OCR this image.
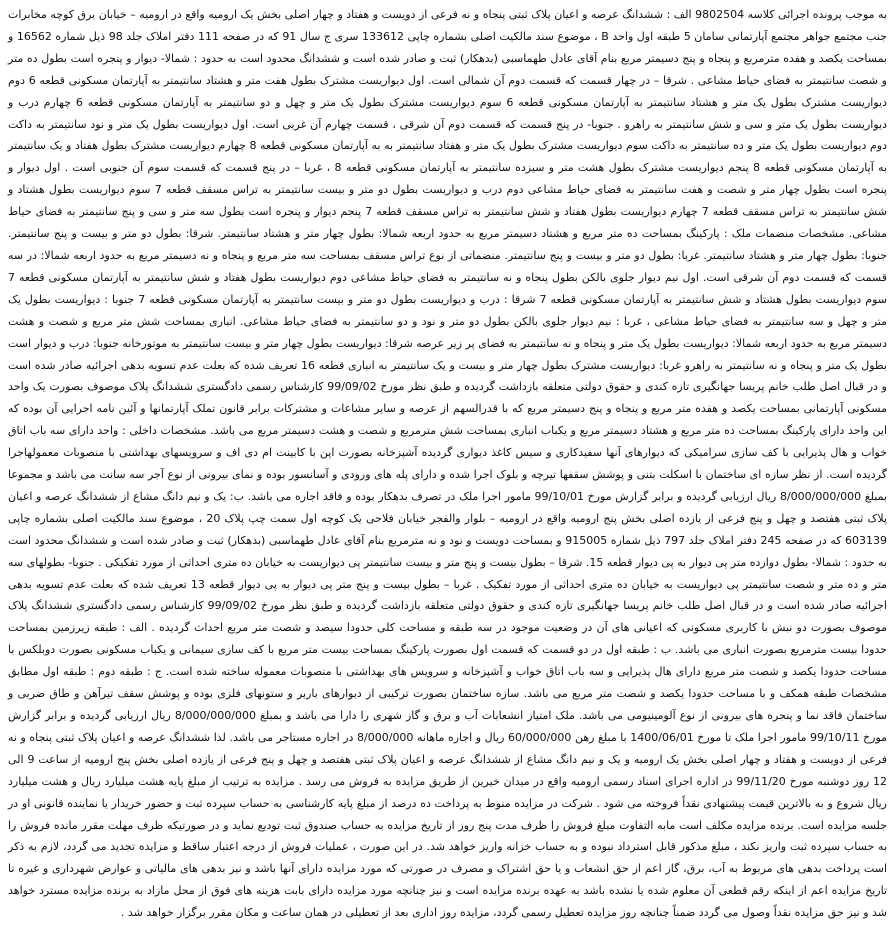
به موجب پرونده اجرائی کلاسه 9802504 الف : ششدانگ عرصه و اعیان پلاک ثبتی پنجاه و نه فرعی از دویست و هفتاد و چهار اصلی بخش یک ارومیه واقع در ارومیه – خیابان برق کوچه مخابرات جنب مجتمع جواهر مجتمع آپارتمانی سامان 5 طبقه اول واحد B ، موضوع سند مالکیت اصلی بشماره چاپی 133612 سری ج سال 91 که در صفحه 111 دفتر املاک جلد 98 ذیل شماره 16562 و بمساحت یکصد و هفده مترمربع و پنجاه و پنج دسیمتر مربع بنام آقای عادل طهماسبی (بدهکار) ثبت و صادر شده است و ششدانگ محدود است به حدود : شمالا- دیوار و پنجره است بطول ده متر و شصت سانتیمتر به فضای حیاط مشاعی . شرقا – در چهار قسمت که قسمت دوم آن شمالی است. اول دیواریست مشترک بطول هفت متر و هشتاد سانتیمتر به آپارتمان مسکونی قطعه 6 دوم دیواریست مشترک بطول یک متر و هشتاد سانتیمتر به آپارتمان مسکونی قطعه 6 سوم دیواریست مشترک بطول یک متر و چهل و دو سانتیمتر به آپارتمان مسکونی قطعه 6 چهارم درب و دیواریست بطول یک متر و سی و شش سانتیمتر به راهرو . جنوبا- در پنج قسمت که قسمت دوم آن شرقی ، قسمت چهارم آن غربی است. اول دیواریست بطول یک متر و نود سانتیمتر به داکت دوم دیواریست بطول یک متر و ده سانتیمتر به داکت سوم دیواریست مشترک بطول یک متر و هفتاد سانتیمتر به به آپارتمان مسکونی قطعه 8 چهارم دیواریست مشترک بطول هفتاد و یک سانتیمتر به آپارتمان مسکونی قطعه 8 پنجم دیواریست مشترک بطول هشت متر و سیزده سانتیمتر به آپارتمان مسکونی قطعه 8 ، غربا – در پنج قسمت که قسمت سوم آن جنوبی است . اول دیوار و پنجره است بطول چهار متر و شصت و هفت سانتیمتر به فضای حیاط مشاعی دوم درب و دیواریست بطول دو متر و بیست سانتیمتر به تراس مسقف قطعه 7 سوم دیواریست بطول هشتاد و شش سانتیمتر به تراس مسقف قطعه 7 چهارم دیواریست بطول هفتاد و شش سانتیمتر به تراس مسقف قطعه 7 پنجم دیوار و پنجره است بطول سه متر و سی و پنج سانتیمتر به فضای حیاط مشاعی. مشخصات منضمات ملک : پارکینگ بمساحت ده متر مربع و هشتاد دسیمتر مربع به حدود اربعه شمالا: بطول چهار متر و هشتاد سانتیمتر. شرقا: بطول دو متر و بیست و پنج سانتیمتر. جنوبا: بطول چهار متر و هشتاد سانتیمتر. غربا: بطول دو متر و بیست و پنج سانتیمتر. منضماتی از نوع تراس مسقف بمساحت سه متر مربع و پنجاه و نه دسیمتر مربع به حدود اربعه شمالا: در سه قسمت که قسمت دوم آن شرقی است. اول نیم دیوار جلوی بالکن بطول پنجاه و نه سانتیمتر به فضای حیاط مشاعی دوم دیواریست بطول هفتاد و شش سانتیمتر به آپارتمان مسکونی قطعه 7 سوم دیواریست بطول هشتاد و شش سانتیمتر به آپارتمان مسکونی قطعه 7 شرقا : درب و دیواریست بطول دو متر و بیست سانتیمتر به آپارتمان مسکونی قطعه 7 جنوبا : دیواریست بطول یک متر و چهل و سه سانتیمتر به فضای حیاط مشاعی ، غربا : نیم دیوار جلوی بالکن بطول دو متر و نود و دو سانتیمتر به فضای حیاط مشاعی. انباری بمساحت شش متر مربع و شصت و هشت دسیمتر مربع به حدود اربعه شمالا: دیواریست بطول یک متر و پنجاه و نه سانتیمتر به فضای پر زیر عرصه شرقا: دیواریست بطول چهار متر و بیست سانتیمتر به موتورخانه جنوبا: درب و دیوار است بطول یک متر و پنجاه و نه سانتیمتر به راهرو غربا: دیواریست مشترک بطول چهار متر و بیست و یک سانتیمتر به انباری قطعه 16 تعریف شده که بعلت عدم تسویه بدهی اجرائیه صادر شده است و در قبال اصل طلب خانم پریسا جهانگیری تازه کندی و حقوق دولتی متعلقه بازداشت گردیده و طبق نظر مورخ 99/09/02 کارشناس رسمی دادگستری ششدانگ پلاک موصوف بصورت یک واحد مسکونی آپارتمانی بمساحت یکصد و هفده متر مربع و پنجاه و پنج دسیمتر مربع که با قدرالسهم از عرصه و سایر مشاعات و مشترکات برابر قانون تملک آپارتمانها و آئین نامه اجرایی آن بوده که این واحد دارای پارکینگ بمساحت ده متر مربع و هشتاد دسیمتر مربع و یکباب انباری بمساحت شش مترمربع و شصت و هشت دسیمتر مربع می باشد. مشخصات داخلی : واحد دارای سه باب اتاق خواب و هال پذیرایی با کف سازی سرامیکی که دیوارهای آنها سفیدکاری و سیس کاغذ دیواری گردیده آشپزخانه بصورت اپن با کابینت ام دی اف و سرویسهای بهداشتی با منصوبات معمولهاجرا گردیده است. از نظر سازه ای ساختمان با اسکلت بتنی و پوشش سقفها تیرچه و بلوک اجرا شده و دارای پله های ورودی و آسانسور بوده و نمای بیرونی از نوع آجر سه سانت می باشد و مجموعا بمبلغ 8/000/000/000 ریال ارزیابی گردیده و برابر گزارش مورخ 99/10/01 مامور اجرا ملک در تصرف بدهکار بوده و فاقد اجاره می باشد. ب: یک و نیم دانگ مشاع از ششدانگ عرصه و اعیان پلاک ثبتی هفتصد و چهل و پنج فرعی از یازده اصلی بخش پنج ارومیه واقع در ارومیه – بلوار والفجر خیابان فلاحی یک کوچه اول سمت چپ پلاک 20 ، موضوع سند مالکیت اصلی بشماره چاپی 603139 که در صفحه 245 دفتر املاک جلد 797 ذیل شماره 915005 و بمساحت دویست و نود و نه مترمربع بنام آقای عادل طهماسبی (بدهکار) ثبت و صادر شده است و ششدانگ محدود است به حدود : شمالا- بطول دوازده متر پی دیوار به پی دیوار قطعه 15. شرقا – بطول بیست و پنج متر و بیست سانتیمتر پی دیواریست به خیابان ده متری احداثی از مورد تفکیکی . جنوبا- بطولهای سه متر و ده متر و شصت سانتیمتر پی دیواریست به خیابان ده متری احداثی از مورد تفکیک . غربا – بطول بیست و پنج متر پی دیوار به پی دیوار قطعه 13 تعریف شده که بعلت عدم تسویه بدهی اجرائیه صادر شده است و در قبال اصل طلب خانم پریسا جهانگیری تازه کندی و حقوق دولتی متعلقه بازداشت گردیده و طبق نظر مورخ 99/09/02 کارشناس رسمی دادگستری ششدانگ پلاک موصوف بصورت دو نبش با کاربری مسکونی که اعیانی های آن در وضعیت موجود در سه طبقه و مساحت کلی حدودا سیصد و شصت متر مربع احداث گردیده . الف : طبقه زیرزمین بمساحت حدودا بیست مترمربع بصورت انباری می باشد. ب : طبقه اول در دو قسمت که قسمت اول بصورت پارکینگ بمساحت بیست متر مربع با کف سازی سیمانی و یکباب مسکونی بصورت دوبلکس با مساحت حدودا یکصد و شصت متر مربع دارای هال پذیرایی و سه باب اتاق خواب و آشپزخانه و سرویس های بهداشتی با منصوبات معموله ساخته شده است. ج : طبقه دوم : طبقه اول مطابق مشخصات طبقه همکف و با مساحت حدودا یکصد و شصت متر مربع می باشد. سازه ساختمان بصورت ترکیبی از دیوارهای باربر و ستونهای فلزی بوده و پوشش سقف تیرآهن و طاق ضربی و ساختمان فاقد نما و پنجره های بیرونی از نوع آلومینیومی می باشد. ملک امتیاز انشعابات آب و برق و گاز شهری را دارا می باشد و بمبلغ 8/000/000/000 ریال ارزیابی گردیده و برابر گزارش مورخ 99/10/11 مامور اجرا ملک تا مورخ 1400/06/01 با مبلغ رهن 60/000/000 ریال و اجاره ماهانه 8/000/000 در اجاره مستاجر می باشد. لذا ششدانگ عرصه و اعیان پلاک ثبتی پنجاه و نه فرعی از دویست و هفتاد و چهار اصلی بخش یک ارومیه و یک و نیم دانگ مشاع از ششدانگ عرصه و اعیان پلاک ثبتی هفتصد و چهل و پنج فرعی از یازده اصلی بخش پنج ارومیه از ساعت 9 الی 12 روز دوشنبه مورخ 99/11/20 در اداره اجرای اسناد رسمی ارومیه واقع در میدان خیرین از طریق مزایده به فروش می رسد . مزایده به ترتیب از مبلغ پایه هشت میلیارد ریال و هشت میلیارد ریال شروع و به بالاترین قیمت پیشنهادی نقداً فروخته می شود . شرکت در مزایده منوط به پرداخت ده درصد از مبلغ پایه کارشناسی به حساب سپرده ثبت و حضور خریدار یا نماینده قانونی او در جلسه مزایده است. برنده مزایده مکلف است مابه التفاوت مبلغ فروش را ظرف مدت پنج روز از تاریخ مزایده به حساب صندوق ثبت تودیع نماید و در صورتیکه ظرف مهلت مقرر مانده فروش را به حساب سپرده ثبت واریز نکند ، مبلغ مذکور قابل استرداد نبوده و به حساب خزانه واریز خواهد شد. در این صورت ، عملیات فروش از درجه اعتبار ساقط و مزایده تجدید می گردد، لازم به ذکر است پرداخت بدهی های مربوط به آب، برق، گاز اعم از حق انشعاب و یا حق اشتراک و مصرف در صورتی که مورد مزایده دارای آنها باشد و نیز بدهی های مالیاتی و عوارض شهرداری و غیره تا تاریخ مزایده اعم از اینکه رقم قطعی آن معلوم شده یا نشده باشد به عهده برنده مزایده است و نیز چنانچه مورد مزایده دارای بابت هزینه های فوق از محل مازاد به برنده مزایده مسترد خواهد شد و نیز حق مزایده نقداً وصول می گردد ضمناً چنانچه روز مزایده تعطیل رسمی گردد، مزایده روز اداری بعد از تعطیلی در همان ساعت و مکان مقرر برگزار خواهد شد .
